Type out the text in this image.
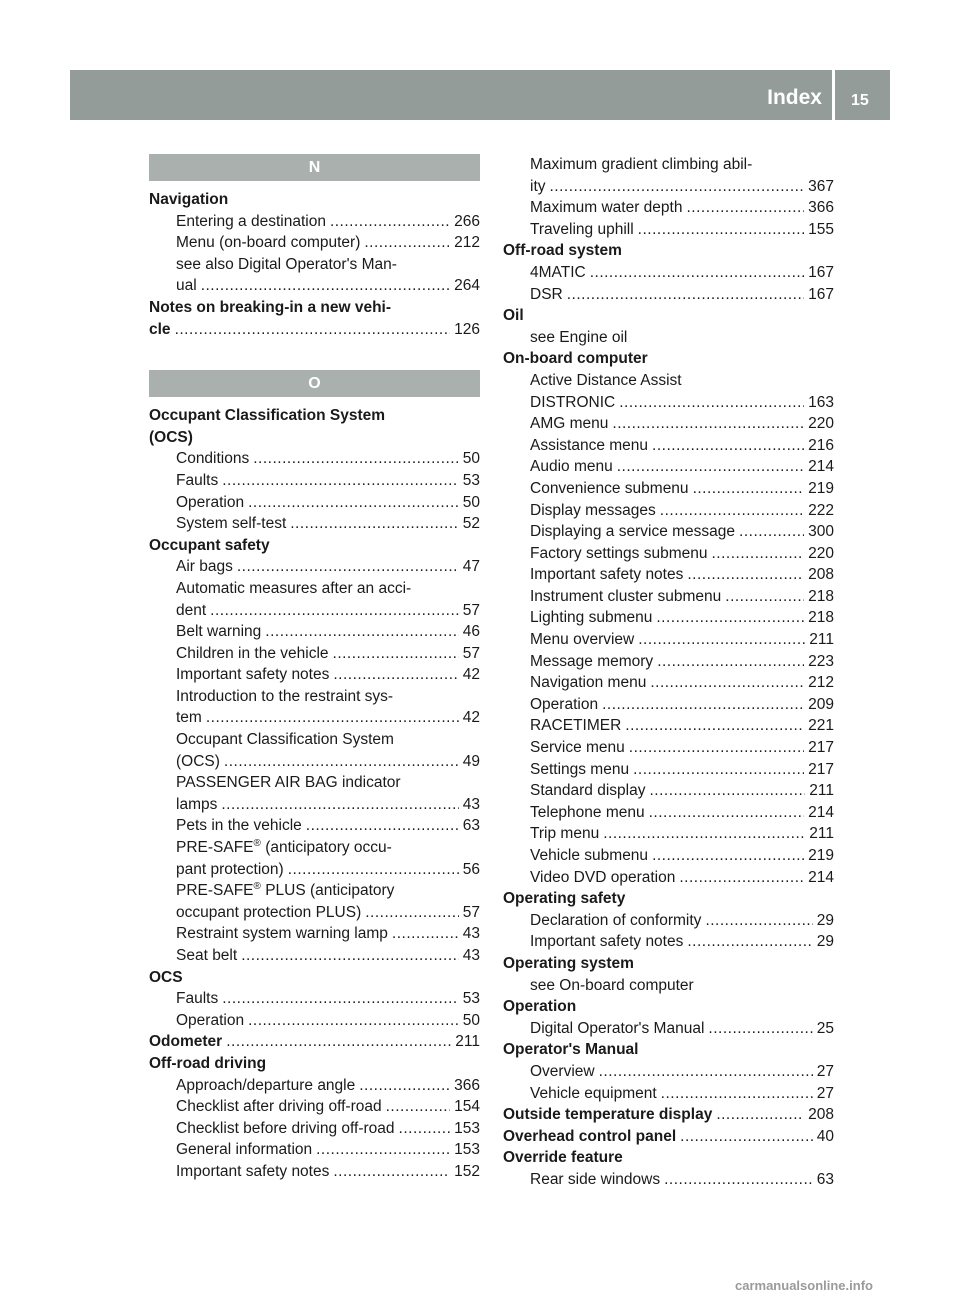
Index 15
N
Navigation
Entering a destination .....	266
Menu (on-board computer) .....	212
see also Digital Operator's Man-
ual .....	264
Notes on breaking-in a new vehi-
cle .....	126
O
Occupant Classification System
(OCS)
Conditions .....	50
Faults .....	53
Operation .....	50
System self-test .....	52
Occupant safety
Air bags .....	47
Automatic measures after an acci-
dent .....	57
Belt warning .....	46
Children in the vehicle .....	57
Important safety notes .....	42
Introduction to the restraint sys-
tem .....	42
Occupant Classification System
(OCS) .....	49
PASSENGER AIR BAG indicator
lamps .....	43
Pets in the vehicle .....	63
PRE-SAFE® (anticipatory occu-
pant protection) .....	56
PRE-SAFE® PLUS (anticipatory
occupant protection PLUS) .....	57
Restraint system warning lamp .....	43
Seat belt .....	43
OCS
Faults .....	53
Operation .....	50
Odometer .....	211
Off-road driving
Approach/departure angle .....	366
Checklist after driving off-road .....	154
Checklist before driving off-road .....	153
General information .....	153
Important safety notes .....	152
Maximum gradient climbing abil-
ity .....	367
Maximum water depth .....	366
Traveling uphill .....	155
Off-road system
4MATIC .....	167
DSR .....	167
Oil
see Engine oil
On-board computer
Active Distance Assist
DISTRONIC .....	163
AMG menu .....	220
Assistance menu .....	216
Audio menu .....	214
Convenience submenu .....	219
Display messages .....	222
Displaying a service message .....	300
Factory settings submenu .....	220
Important safety notes .....	208
Instrument cluster submenu .....	218
Lighting submenu .....	218
Menu overview .....	211
Message memory .....	223
Navigation menu .....	212
Operation .....	209
RACETIMER .....	221
Service menu .....	217
Settings menu .....	217
Standard display .....	211
Telephone menu .....	214
Trip menu .....	211
Vehicle submenu .....	219
Video DVD operation .....	214
Operating safety
Declaration of conformity .....	29
Important safety notes .....	29
Operating system
see On-board computer
Operation
Digital Operator's Manual .....	25
Operator's Manual
Overview .....	27
Vehicle equipment .....	27
Outside temperature display .....	208
Overhead control panel .....	40
Override feature
Rear side windows .....	63
carmanualsonline.info
